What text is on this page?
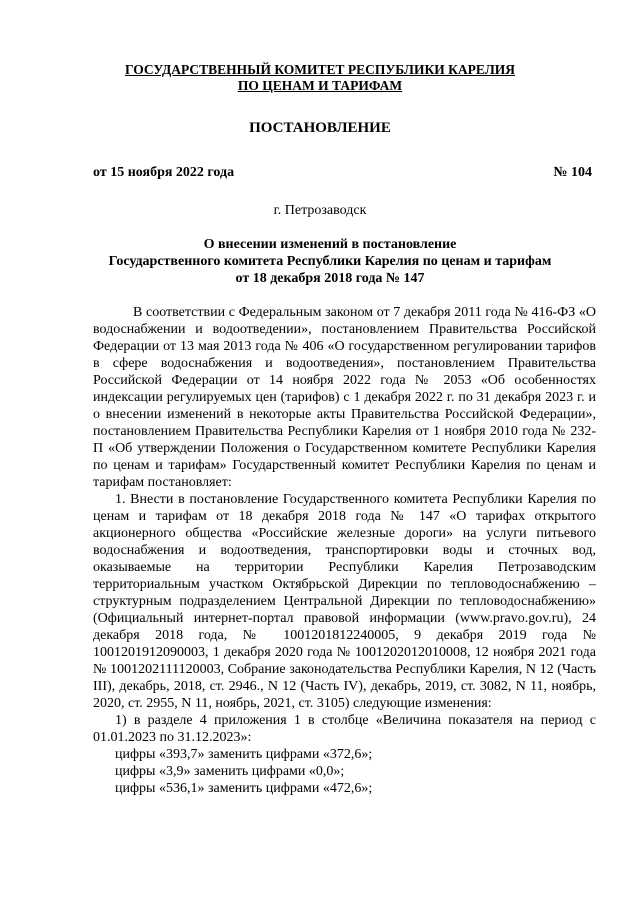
ГОСУДАРСТВЕННЫЙ КОМИТЕТ РЕСПУБЛИКИ КАРЕЛИЯ
ПО ЦЕНАМ И ТАРИФАМ
ПОСТАНОВЛЕНИЕ
от 15 ноября 2022 года	№ 104
г. Петрозаводск
О внесении изменений в постановление
Государственного комитета Республики Карелия по ценам и тарифам
от 18 декабря 2018 года № 147

В соответствии с Федеральным законом от 7 декабря 2011 года № 416-ФЗ «О водоснабжении и водоотведении», постановлением Правительства Российской Федерации от 13 мая 2013 года № 406 «О государственном регулировании тарифов в сфере водоснабжения и водоотведения», постановлением Правительства Российской Федерации от 14 ноября 2022 года № 2053 «Об особенностях индексации регулируемых цен (тарифов) с 1 декабря 2022 г. по 31 декабря 2023 г. и о внесении изменений в некоторые акты Правительства Российской Федерации», постановлением Правительства Республики Карелия от 1 ноября 2010 года № 232-П «Об утверждении Положения о Государственном комитете Республики Карелия по ценам и тарифам» Государственный комитет Республики Карелия по ценам и тарифам постановляет:

1. Внести в постановление Государственного комитета Республики Карелия по ценам и тарифам от 18 декабря 2018 года № 147 «О тарифах открытого акционерного общества «Российские железные дороги» на услуги питьевого водоснабжения и водоотведения, транспортировки воды и сточных вод, оказываемые на территории Республики Карелия Петрозаводским территориальным участком Октябрьской Дирекции по тепловодоснабжению – структурным подразделением Центральной Дирекции по тепловодоснабжению» (Официальный интернет-портал правовой информации (www.pravo.gov.ru), 24 декабря 2018 года, № 1001201812240005, 9 декабря 2019 года № 1001201912090003, 1 декабря 2020 года № 1001202012010008, 12 ноября 2021 года № 1001202111120003, Собрание законодательства Республики Карелия, N 12 (Часть III), декабрь, 2018, ст. 2946., N 12 (Часть IV), декабрь, 2019, ст. 3082, N 11, ноябрь, 2020, ст. 2955, N 11, ноябрь, 2021, ст. 3105) следующие изменения:

1) в разделе 4 приложения 1 в столбце «Величина показателя на период с 01.01.2023 по 31.12.2023»:

цифры «393,7» заменить цифрами «372,6»;

цифры «3,9» заменить цифрами «0,0»;

цифры «536,1» заменить цифрами «472,6»;
